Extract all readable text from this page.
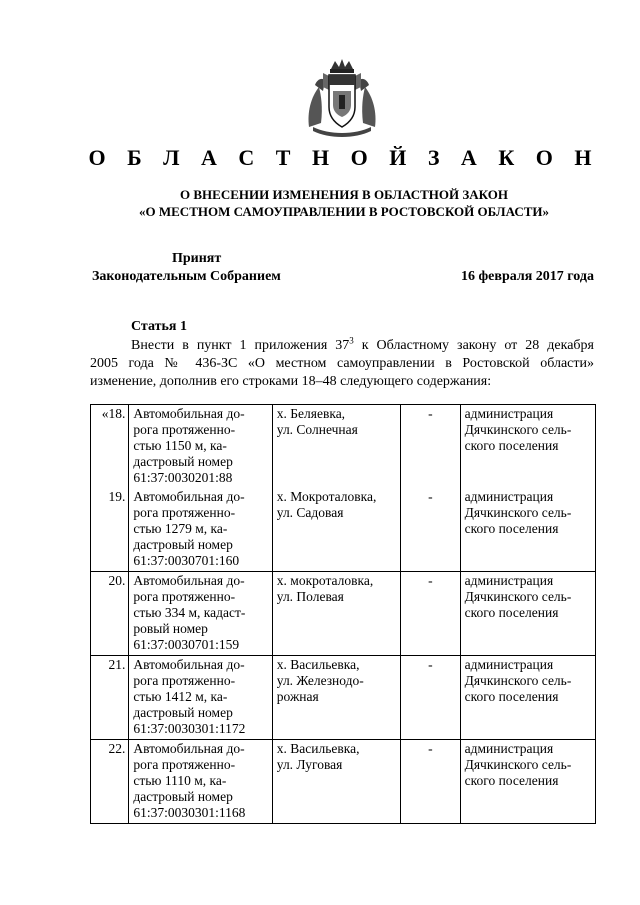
О Б Л А С Т Н О Й З А К О Н
О ВНЕСЕНИИ ИЗМЕНЕНИЯ В ОБЛАСТНОЙ ЗАКОН
«О МЕСТНОМ САМОУПРАВЛЕНИИ В РОСТОВСКОЙ ОБЛАСТИ»
Принят
Законодательным Собранием	16 февраля 2017 года
Статья 1
Внести в пункт 1 приложения $37^3$ к Областному закону от 28 декабря
2005 года № 436-ЗС «О местном самоуправлении в Ростовской области»
изменение, дополнив его строками 18–48 следующего содержания:
«18.	Автомобильная до-
рога протяженно-
стью 1150 м, ка-
дастровый номер
61:37:0030201:88	х. Беляевка,
ул. Солнечная	-	администрация
Дячкинского сель-
ского поселения

19.	Автомобильная до-
рога протяженно-
стью 1279 м, ка-
дастровый номер
61:37:0030701:160	х. Мокроталовка,
ул. Садовая	-	администрация
Дячкинского сель-
ского поселения

20.	Автомобильная до-
рога протяженно-
стью 334 м, кадаст-
ровый номер
61:37:0030701:159	х. мокроталовка,
ул. Полевая	-	администрация
Дячкинского сель-
ского поселения

21.	Автомобильная до-
рога протяженно-
стью 1412 м, ка-
дастровый номер
61:37:0030301:1172	х. Васильевка,
ул. Железнодо-
рожная	-	администрация
Дячкинского сель-
ского поселения

22.	Автомобильная до-
рога протяженно-
стью 1110 м, ка-
дастровый номер
61:37:0030301:1168	х. Васильевка,
ул. Луговая	-	администрация
Дячкинского сель-
ского поселения
